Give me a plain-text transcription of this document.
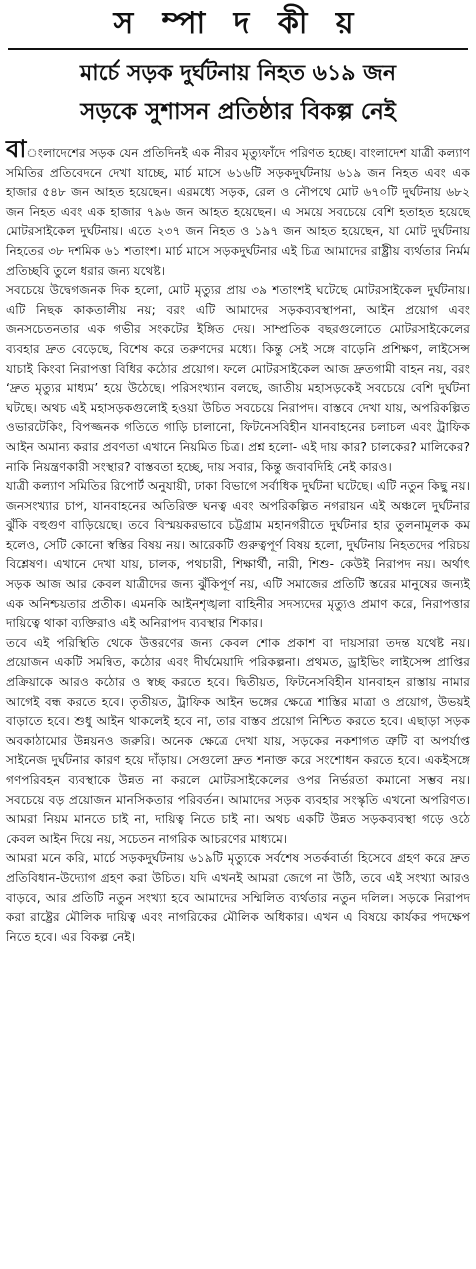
স ম্পা দ কী য়
মার্চে সড়ক দুর্ঘটনায় নিহত ৬১৯ জন
সড়কে সুশাসন প্রতিষ্ঠার বিকল্প নেই

বাংলাদেশের সড়ক যেন প্রতিদিনই এক নীরব মৃত্যুফাঁদে পরিণত হচ্ছে। বাংলাদেশ যাত্রী কল্যাণ সমিতির প্রতিবেদনে দেখা যাচ্ছে, মার্চ মাসে ৬১৬টি সড়কদুর্ঘটনায় ৬১৯ জন নিহত এবং এক হাজার ৫৪৮ জন আহত হয়েছেন। এরমধ্যে সড়ক, রেল ও নৌপথে মোট ৬৭০টি দুর্ঘটনায় ৬৮২ জন নিহত এবং এক হাজার ৭৯৬ জন আহত হয়েছেন। এ সময়ে সবচেয়ে বেশি হতাহত হয়েছে মোটরসাইকেল দুর্ঘটনায়। এতে ২৩৭ জন নিহত ও ১৯৭ জন আহত হয়েছেন, যা মোট দুর্ঘটনায় নিহতের ৩৮ দশমিক ৬১ শতাংশ। মার্চ মাসে সড়কদুর্ঘটনার এই চিত্র আমাদের রাষ্ট্রীয় ব্যর্থতার নির্মম প্রতিচ্ছবি তুলে ধরার জন্য যথেষ্ট।

সবচেয়ে উদ্বেগজনক দিক হলো, মোট মৃত্যুর প্রায় ৩৯ শতাংশই ঘটেছে মোটরসাইকেল দুর্ঘটনায়। এটি নিছক কাকতালীয় নয়; বরং এটি আমাদের সড়কব্যবস্থাপনা, আইন প্রয়োগ এবং জনসচেতনতার এক গভীর সংকটের ইঙ্গিত দেয়। সাম্প্রতিক বছরগুলোতে মোটরসাইকেলের ব্যবহার দ্রুত বেড়েছে, বিশেষ করে তরুণদের মধ্যে। কিন্তু সেই সঙ্গে বাড়েনি প্রশিক্ষণ, লাইসেন্স যাচাই কিংবা নিরাপত্তা বিধির কঠোর প্রয়োগ। ফলে মোটরসাইকেল আজ দ্রুতগামী বাহন নয়, বরং ‘দ্রুত মৃত্যুর মাধ্যম’ হয়ে উঠেছে। পরিসংখ্যান বলছে, জাতীয় মহাসড়কেই সবচেয়ে বেশি দুর্ঘটনা ঘটছে। অথচ এই মহাসড়কগুলোই হওয়া উচিত সবচেয়ে নিরাপদ। বাস্তবে দেখা যায়, অপরিকল্পিত ওভারটেকিং, বিপজ্জনক গতিতে গাড়ি চালানো, ফিটনেসবিহীন যানবাহনের চলাচল এবং ট্রাফিক আইন অমান্য করার প্রবণতা এখানে নিয়মিত চিত্র। প্রশ্ন হলো- এই দায় কার? চালকের? মালিকের? নাকি নিয়ন্ত্রণকারী সংস্থার? বাস্তবতা হচ্ছে, দায় সবার, কিন্তু জবাবদিহি নেই কারও।

যাত্রী কল্যাণ সমিতির রিপোর্ট অনুযায়ী, ঢাকা বিভাগে সর্বাধিক দুর্ঘটনা ঘটেছে। এটি নতুন কিছু নয়। জনসংখ্যার চাপ, যানবাহনের অতিরিক্ত ঘনত্ব এবং অপরিকল্পিত নগরায়ন এই অঞ্চলে দুর্ঘটনার ঝুঁকি বহুগুণ বাড়িয়েছে। তবে বিস্ময়করভাবে চট্টগ্রাম মহানগরীতে দুর্ঘটনার হার তুলনামূলক কম হলেও, সেটি কোনো স্বস্তির বিষয় নয়। আরেকটি গুরুত্বপূর্ণ বিষয় হলো, দুর্ঘটনায় নিহতদের পরিচয় বিশ্লেষণ। এখানে দেখা যায়, চালক, পথচারী, শিক্ষার্থী, নারী, শিশু- কেউই নিরাপদ নয়। অর্থাৎ সড়ক আজ আর কেবল যাত্রীদের জন্য ঝুঁকিপূর্ণ নয়, এটি সমাজের প্রতিটি স্তরের মানুষের জন্যই এক অনিশ্চয়তার প্রতীক। এমনকি আইনশৃঙ্খলা বাহিনীর সদস্যদের মৃত্যুও প্রমাণ করে, নিরাপত্তার দায়িত্বে থাকা ব্যক্তিরাও এই অনিরাপদ ব্যবস্থার শিকার।

তবে এই পরিস্থিতি থেকে উত্তরণের জন্য কেবল শোক প্রকাশ বা দায়সারা তদন্ত যথেষ্ট নয়। প্রয়োজন একটি সমন্বিত, কঠোর এবং দীর্ঘমেয়াদি পরিকল্পনা। প্রথমত, ড্রাইভিং লাইসেন্স প্রাপ্তির প্রক্রিয়াকে আরও কঠোর ও স্বচ্ছ করতে হবে। দ্বিতীয়ত, ফিটনেসবিহীন যানবাহন রাস্তায় নামার আগেই বন্ধ করতে হবে। তৃতীয়ত, ট্রাফিক আইন ভঙ্গের ক্ষেত্রে শাস্তির মাত্রা ও প্রয়োগ, উভয়ই বাড়াতে হবে। শুধু আইন থাকলেই হবে না, তার বাস্তব প্রয়োগ নিশ্চিত করতে হবে। এছাড়া সড়ক অবকাঠামোর উন্নয়নও জরুরি। অনেক ক্ষেত্রে দেখা যায়, সড়কের নকশাগত ত্রুটি বা অপর্যাপ্ত সাইনেজ দুর্ঘটনার কারণ হয়ে দাঁড়ায়। সেগুলো দ্রুত শনাক্ত করে সংশোধন করতে হবে। একইসঙ্গে গণপরিবহন ব্যবস্থাকে উন্নত না করলে মোটরসাইকেলের ওপর নির্ভরতা কমানো সম্ভব নয়। সবচেয়ে বড় প্রয়োজন মানসিকতার পরিবর্তন। আমাদের সড়ক ব্যবহার সংস্কৃতি এখনো অপরিণত। আমরা নিয়ম মানতে চাই না, দায়িত্ব নিতে চাই না। অথচ একটি উন্নত সড়কব্যবস্থা গড়ে ওঠে কেবল আইন দিয়ে নয়, সচেতন নাগরিক আচরণের মাধ্যমে।

আমরা মনে করি, মার্চে সড়কদুর্ঘটনায় ৬১৯টি মৃত্যুকে সর্বশেষ সতর্কবার্তা হিসেবে গ্রহণ করে দ্রুত প্রতিবিধান-উদ্যোগ গ্রহণ করা উচিত। যদি এখনই আমরা জেগে না উঠি, তবে এই সংখ্যা আরও বাড়বে, আর প্রতিটি নতুন সংখ্যা হবে আমাদের সম্মিলিত ব্যর্থতার নতুন দলিল। সড়কে নিরাপদ করা রাষ্ট্রের মৌলিক দায়িত্ব এবং নাগরিকের মৌলিক অধিকার। এখন এ বিষয়ে কার্যকর পদক্ষেপ নিতে হবে। এর বিকল্প নেই।
